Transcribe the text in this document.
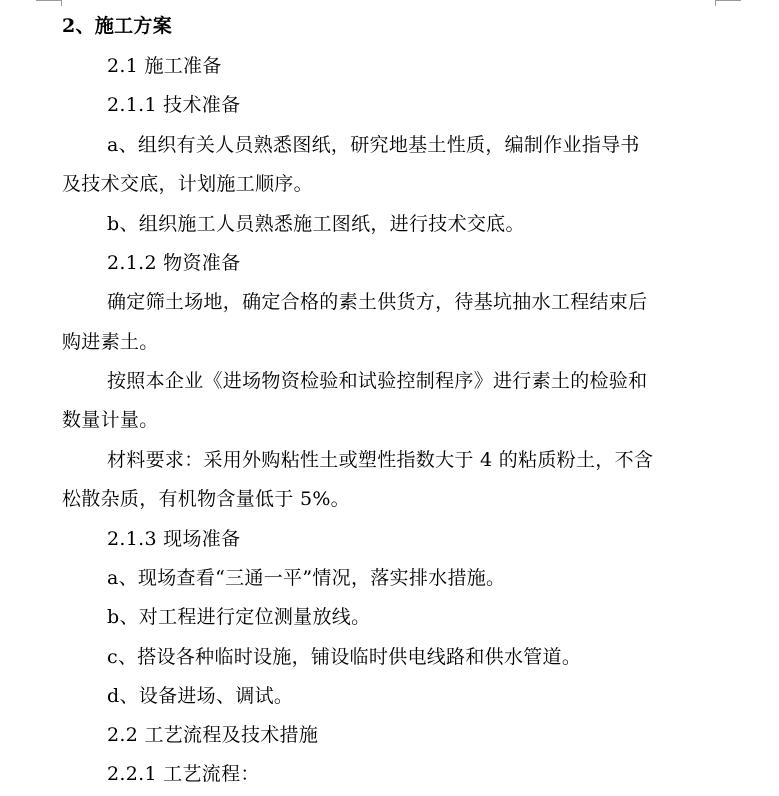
2、施工方案
2.1 施工准备
2.1.1 技术准备
a、组织有关人员熟悉图纸，研究地基土性质，编制作业指导书
及技术交底，计划施工顺序。
b、组织施工人员熟悉施工图纸，进行技术交底。
2.1.2 物资准备
确定筛土场地，确定合格的素土供货方，待基坑抽水工程结束后
购进素土。
按照本企业《进场物资检验和试验控制程序》进行素土的检验和
数量计量。
材料要求：采用外购粘性土或塑性指数大于 4 的粘质粉土，不含
松散杂质，有机物含量低于 5%。
2.1.3 现场准备
a、现场查看“三通一平”情况，落实排水措施。
b、对工程进行定位测量放线。
c、搭设各种临时设施，铺设临时供电线路和供水管道。
d、设备进场、调试。
2.2 工艺流程及技术措施
2.2.1 工艺流程：
